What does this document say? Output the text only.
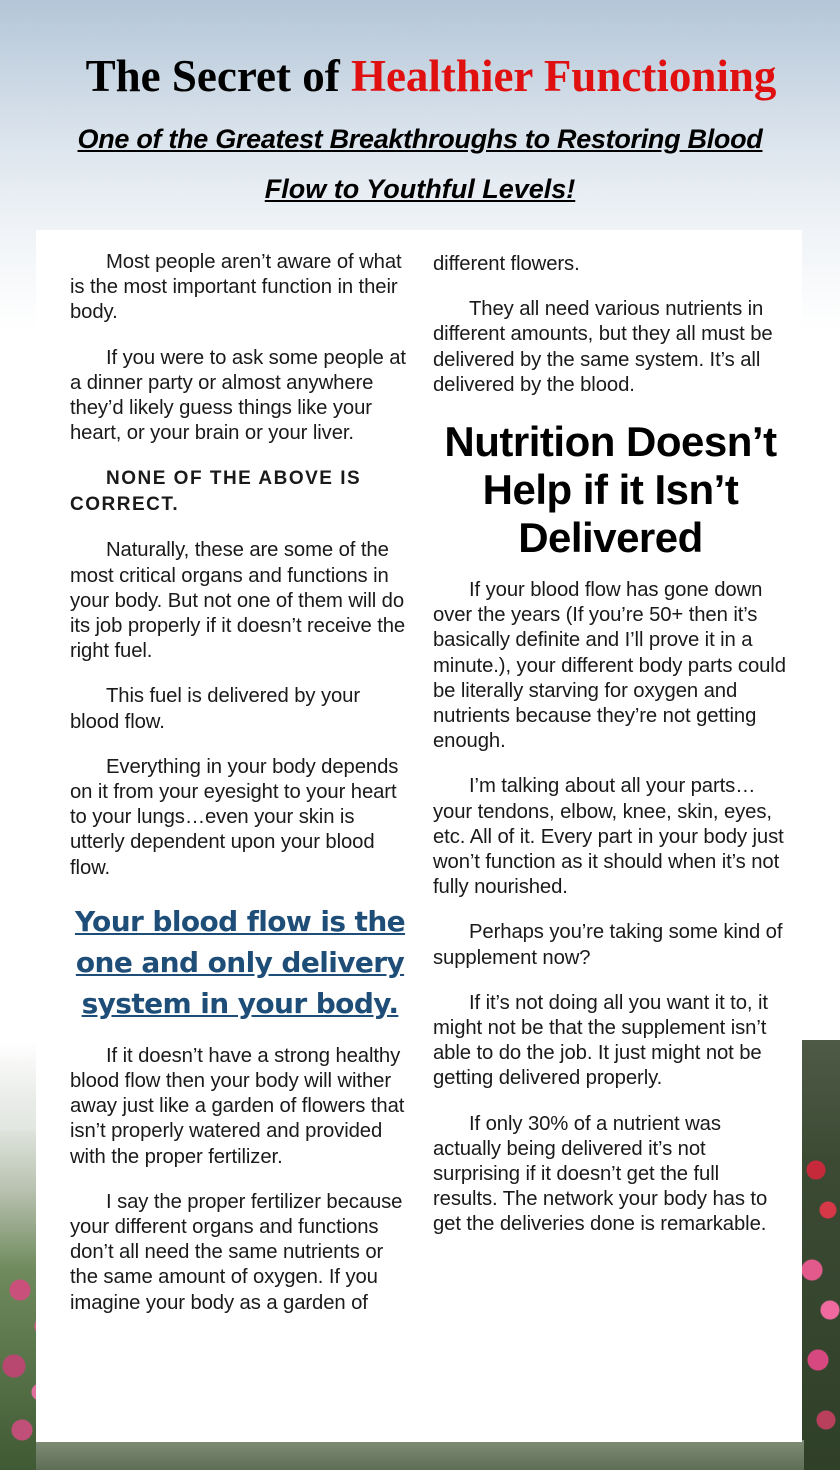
The Secret of Healthier Functioning
One of the Greatest Breakthroughs to Restoring Blood
Flow to Youthful Levels!

Most people aren’t aware of what is the most important function in their body.

If you were to ask some people at a dinner party or almost anywhere they’d likely guess things like your heart, or your brain or your liver.

NONE OF THE ABOVE IS CORRECT.

Naturally, these are some of the most critical organs and functions in your body. But not one of them will do its job properly if it doesn’t receive the right fuel.

This fuel is delivered by your blood flow.

Everything in your body depends on it from your eyesight to your heart to your lungs…even your skin is utterly dependent upon your blood flow.

Your blood flow is the one and only delivery system in your body.

If it doesn’t have a strong healthy blood flow then your body will wither away just like a garden of flowers that isn’t properly watered and provided with the proper fertilizer.

I say the proper fertilizer because your different organs and functions don’t all need the same nutrients or the same amount of oxygen. If you imagine your body as a garden of

different flowers.

They all need various nutrients in different amounts, but they all must be delivered by the same system. It’s all delivered by the blood.

Nutrition Doesn’t Help if it Isn’t Delivered

If your blood flow has gone down over the years (If you’re 50+ then it’s basically definite and I’ll prove it in a minute.), your different body parts could be literally starving for oxygen and nutrients because they’re not getting enough.

I’m talking about all your parts…your tendons, elbow, knee, skin, eyes, etc. All of it. Every part in your body just won’t function as it should when it’s not fully nourished.

Perhaps you’re taking some kind of supplement now?

If it’s not doing all you want it to, it might not be that the supplement isn’t able to do the job. It just might not be getting delivered properly.

If only 30% of a nutrient was actually being delivered it’s not surprising if it doesn’t get the full results. The network your body has to get the deliveries done is remarkable.
